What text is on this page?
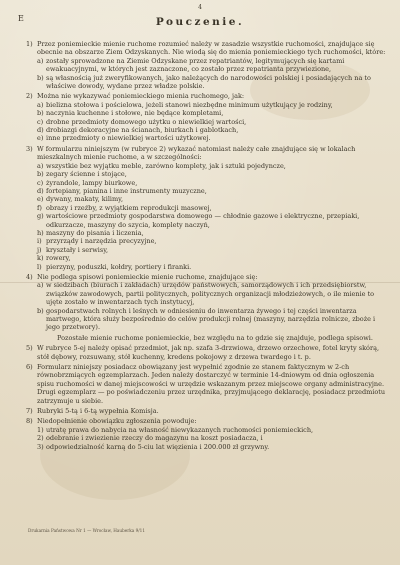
4
E	Pouczenie.
1) Przez poniemieckie mienie ruchome rozumieć należy w zasadzie wszystkie ruchomości, znajdujące się obecnie na obszarze Ziem Odzyskanych. Nie wiodą się do mienia poniemieckiego tych ruchomości, które:
a) zostały sprowadzone na Ziemie Odzyskane przez repatriantów, legitymujących się kartami ewakuacyjnymi, w których jest zaznaczone, co zostało przez repatrianta przywiezione,
b) są własnością już zweryfikowanych, jako należących do narodowości polskiej i posiadających na to właściwe dowody, wydane przez władze polskie.
2) Można nie wykazywać poniemieckiego mienia ruchomego, jak:
a) bielizna stołowa i pościelowa, jeżeli stanowi niezbędne minimum użytkujący je rodziny,
b) naczynia kuchenne i stołowe, nie będące kompletami,
c) drobne przedmioty domowego użytku o niewielkiej wartości,
d) drobiazgi dekoracyjne na ścianach, biurkach i gablotkach,
e) inne przedmioty o niewielkiej wartości użytkowej.
3) W formularzu niniejszym (w rubryce 2) wykazać natomiast należy całe znajdujące się w lokalach mieszkalnych mienie ruchome, a w szczególności:
a) wszystkie bez wyjątku meble, zarówno komplety, jak i sztuki pojedyncze,
b) zegary ścienne i stojące,
c) żyrandole, lampy biurkowe,
d) fortepiany, pianina i inne instrumenty muzyczne,
e) dywany, makaty, kilimy,
f) obrazy i rzeźby, z wyjątkiem reprodukcji masowej,
g) wartościowe przedmioty gospodarstwa domowego — chłodnie gazowe i elektryczne, przepiaki, odkurzacze, maszyny do szycia, komplety naczyń,
h) maszyny do pisania i liczenia,
i) przyrządy i narzędzia precyzyjne,
j) kryształy i serwisy,
k) rowery,
l) pierzyny, poduszki, kołdry, portiery i firanki.
4) Nie podlega spisowi poniemieckie mienie ruchome, znajdujące się:
a) w siedzibach (biurach i zakładach) urzędów państwowych, samorządowych i ich przedsiębiorstw, związków zawodowych, partii politycznych, politycznych organizacji młodzieżowych, o ile mienie to ujęte zostało w inwentarzach tych instytucyj,
b) gospodarstwach rolnych i leśnych w odniesieniu do inwentarza żywego i tej części inwentarza martwego, która służy bezpośrednio do celów produkcji rolnej (maszyny, narzędzia rolnicze, zboże i jego przetwory).
Pozostałe mienie ruchome poniemieckie, bez względu na to gdzie się znajduje, podlega spisowi.
5) W rubryce 5-ej należy opisać przedmiot, jak np. szafa 3-drzwiowa, drzewo orzechowe, fotel kryty skórą, stół dębowy, rozsuwany, stół kuchenny, kredens pokojowy z drzewa twardego i t. p.
6) Formularz niniejszy posiadacz obowiązany jest wypełnić zgodnie ze stanem faktycznym w 2-ch równobrzmiących egzemplarzach. Jeden należy dostarczyć w terminie 14-dniowym od dnia ogłoszenia spisu ruchomości w danej miejscowości w urzędzie wskazanym przez miejscowe organy administracyjne. Drugi egzemplarz — po poświadczeniu przez urzędnika, przyjmującego deklarację, posiadacz przedmiotu zatrzymuje u siebie.
7) Rubryki 5-tą i 6-tą wypełnia Komisja.
8) Niedopełnienie obowiązku zgłoszenia powoduje:
1) utratę prawa do nabycia na własność niewykazanych ruchomości poniemieckich,
2) odebranie i zwiezienie rzeczy do magazynu na koszt posiadacza, i
3) odpowiedzialność karną do 5-ciu lat więzienia i 200.000 zł grzywny.
Drukarnia Państwowa Nr 1 — Wrocław, Hauberka 9/11
